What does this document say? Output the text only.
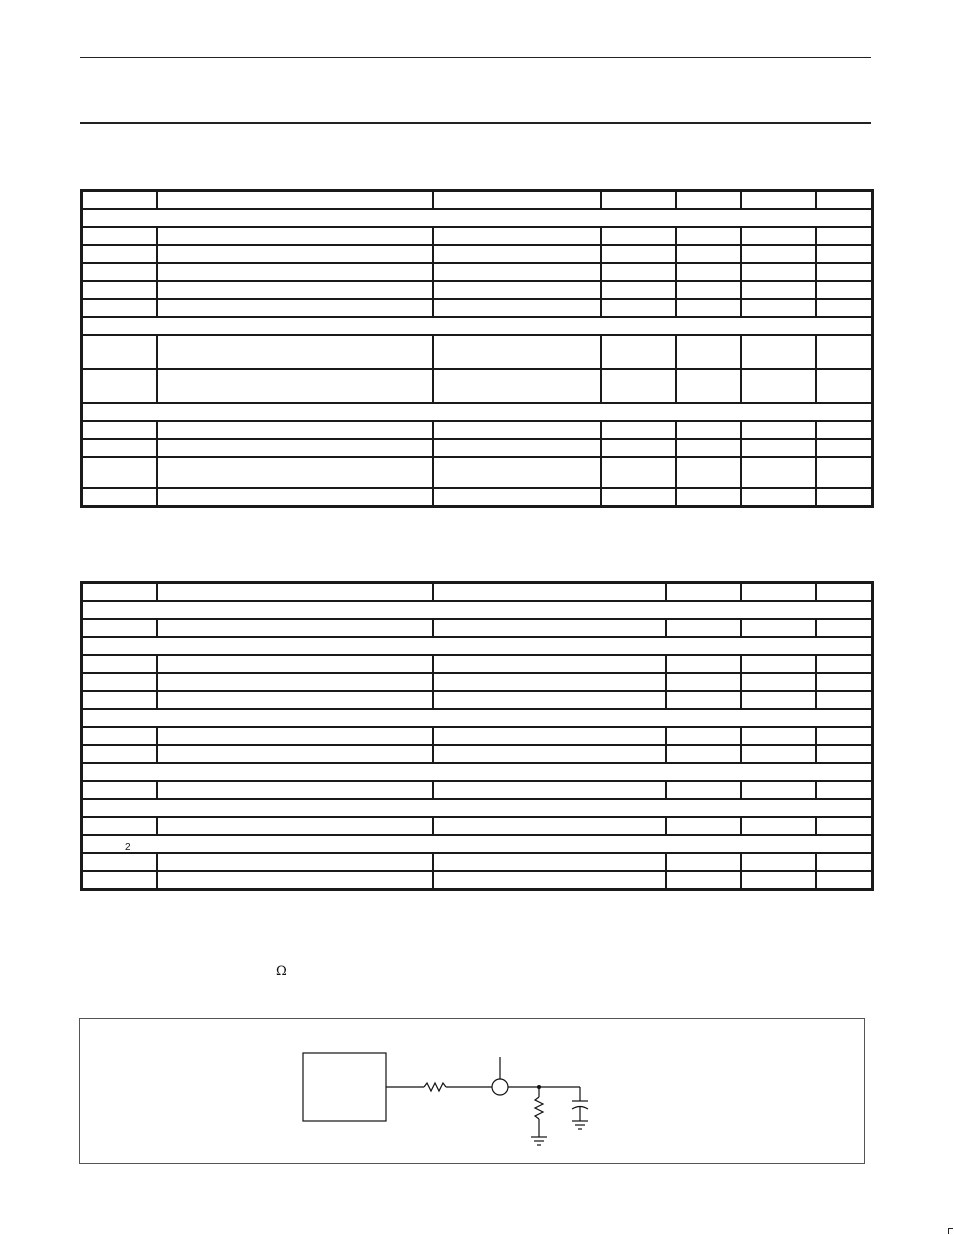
2
Ω
